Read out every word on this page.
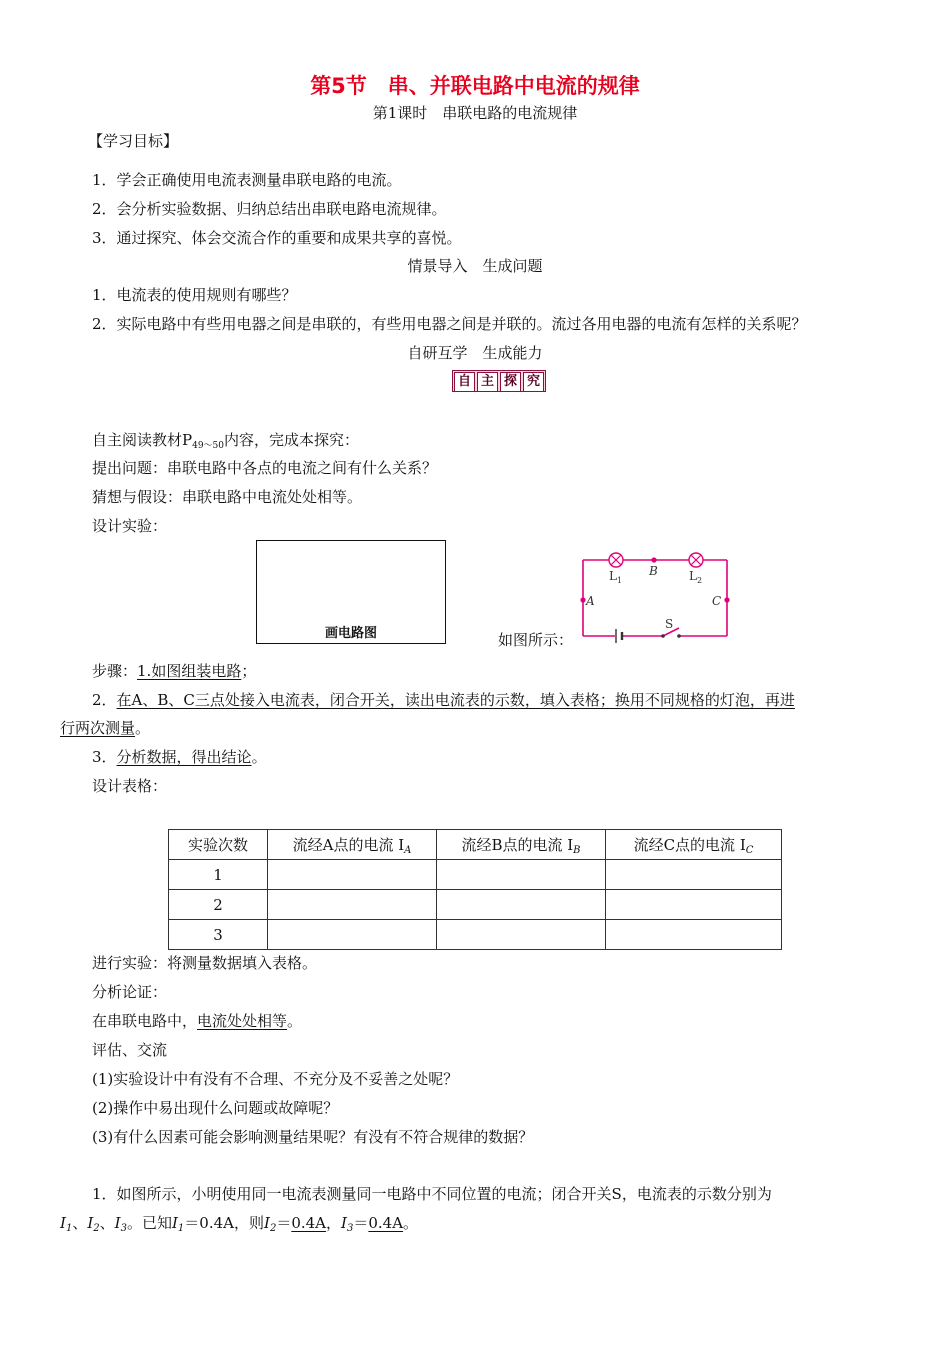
第5节　串、并联电路中电流的规律
第1课时　串联电路的电流规律
【学习目标】
1．学会正确使用电流表测量串联电路的电流。
2．会分析实验数据、归纳总结出串联电路电流规律。
3．通过探究、体会交流合作的重要和成果共享的喜悦。
情景导入　生成问题
1．电流表的使用规则有哪些？
2．实际电路中有些用电器之间是串联的，有些用电器之间是并联的。流过各用电器的电流有怎样的关系呢？
自研互学　生成能力
自 主 探 究
自主阅读教材$P_{49\sim 50}$内容，完成本探究：
提出问题：串联电路中各点的电流之间有什么关系？
猜想与假设：串联电路中电流处处相等。
设计实验：
画电路图	如图所示：
$L_1$	$L_2$
B
A	C
S
步骤：1.如图组装电路；
2．在A、B、C三点处接入电流表，闭合开关，读出电流表的示数，填入表格；换用不同规格的灯泡，再进
行两次测量。
3．分析数据，得出结论。
设计表格：
实验次数	流经A点的电流 $I_A$	流经B点的电流 $I_B$	流经C点的电流 $I_C$
1			
2			
3			
进行实验：将测量数据填入表格。
分析论证：
在串联电路中，电流处处相等。
评估、交流
(1)实验设计中有没有不合理、不充分及不妥善之处呢？
(2)操作中易出现什么问题或故障呢？
(3)有什么因素可能会影响测量结果呢？有没有不符合规律的数据？
1．如图所示，小明使用同一电流表测量同一电路中不同位置的电流；闭合开关S，电流表的示数分别为
$I_1$、$I_2$、$I_3$。已知$I_1=0.4A$，则$I_2=0.4A$，$I_3=0.4A$。
